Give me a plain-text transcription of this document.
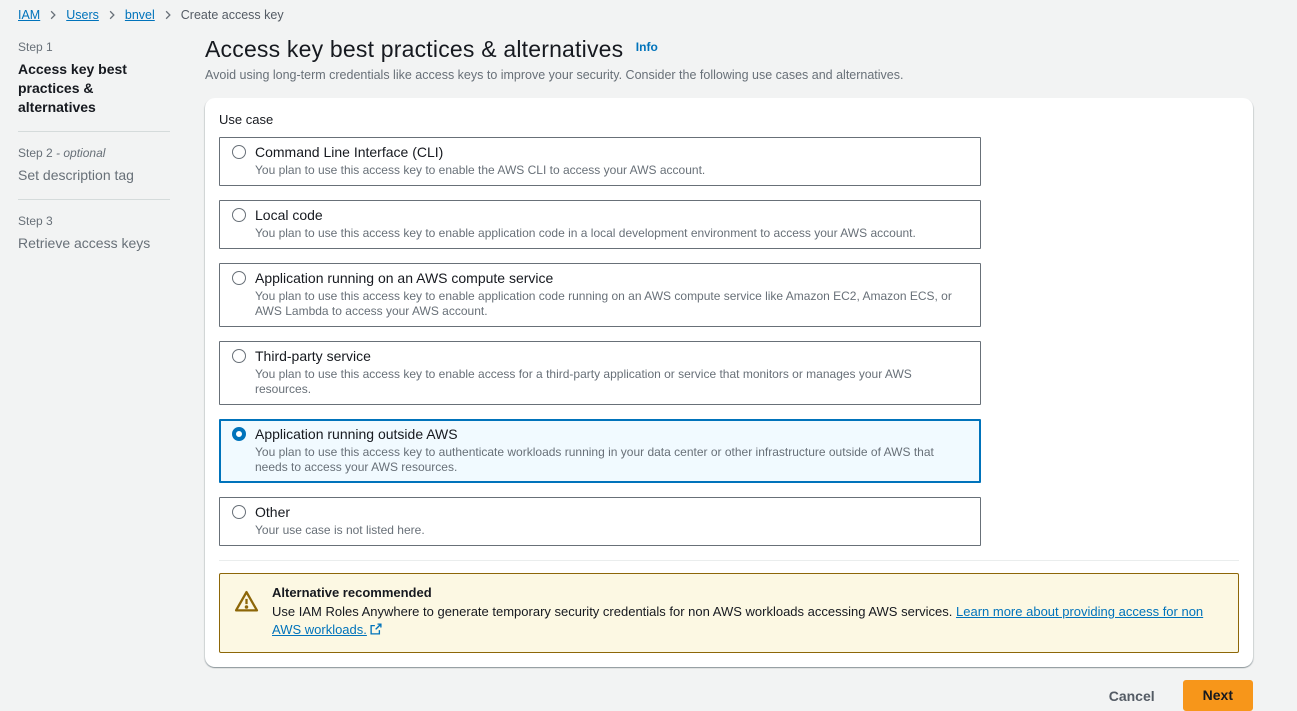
IAM Users bnvel Create access key
Step 1
Access key best practices & alternatives
Step 2 - optional
Set description tag
Step 3
Retrieve access keys
Access key best practices & alternatives $^{Info}$

Avoid using long-term credentials like access keys to improve your security. Consider the following use cases and alternatives.

Use case
Command Line Interface (CLI)
You plan to use this access key to enable the AWS CLI to access your AWS account.
Local code
You plan to use this access key to enable application code in a local development environment to access your AWS account.
Application running on an AWS compute service
You plan to use this access key to enable application code running on an AWS compute service like Amazon EC2, Amazon ECS, or AWS Lambda to access your AWS account.
Third-party service
You plan to use this access key to enable access for a third-party application or service that monitors or manages your AWS resources.
Application running outside AWS
You plan to use this access key to authenticate workloads running in your data center or other infrastructure outside of AWS that needs to access your AWS resources.
Other
Your use case is not listed here.
Alternative recommended
Use IAM Roles Anywhere to generate temporary security credentials for non AWS workloads accessing AWS services. Learn more about providing access for non AWS workloads.
Cancel	Next
